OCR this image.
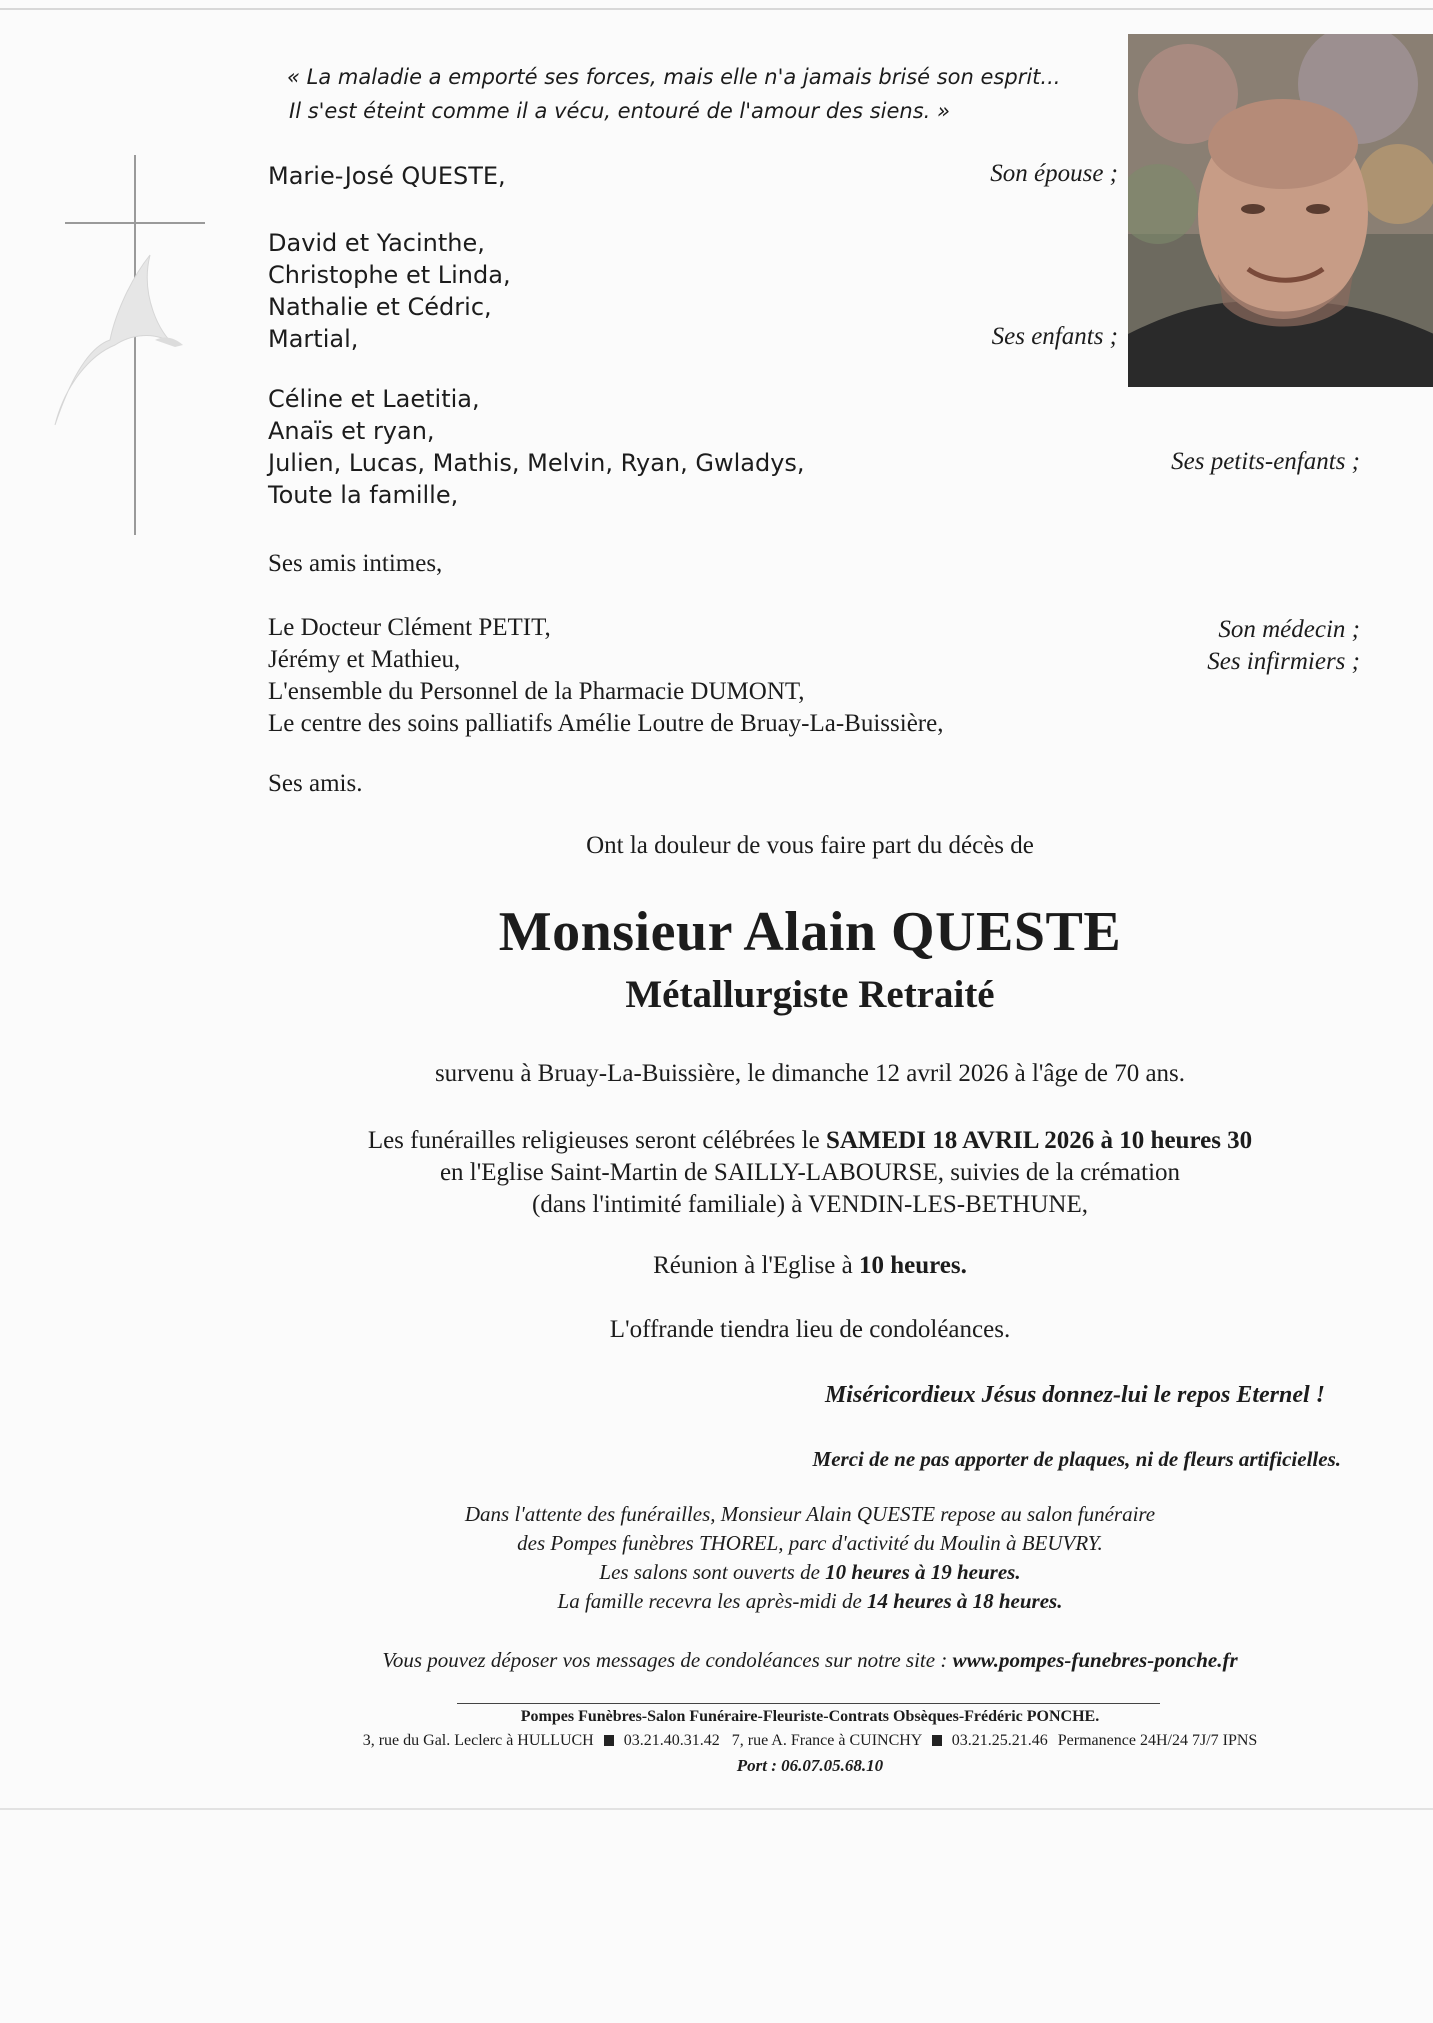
« La maladie a emporté ses forces, mais elle n'a jamais brisé son esprit...
Il s'est éteint comme il a vécu, entouré de l'amour des siens. »
Marie-José QUESTE,	Son épouse ;
David et Yacinthe,
Christophe et Linda,
Nathalie et Cédric,
Martial,	Ses enfants ;
Céline et Laetitia,
Anaïs et ryan,
Julien, Lucas, Mathis, Melvin, Ryan, Gwladys,
Toute la famille,
Ses petits-enfants ;
Ses amis intimes,
Le Docteur Clément PETIT,
Jérémy et Mathieu,
L'ensemble du Personnel de la Pharmacie DUMONT,
Le centre des soins palliatifs Amélie Loutre de Bruay-La-Buissière,
Son médecin ;
Ses infirmiers ;
Ses amis.
Ont la douleur de vous faire part du décès de
Monsieur Alain QUESTE
Métallurgiste Retraité
survenu à Bruay-La-Buissière, le dimanche 12 avril 2026 à l'âge de 70 ans.
Les funérailles religieuses seront célébrées le SAMEDI 18 AVRIL 2026 à 10 heures 30
en l'Eglise Saint-Martin de SAILLY-LABOURSE, suivies de la crémation
(dans l'intimité familiale) à VENDIN-LES-BETHUNE,
Réunion à l'Eglise à 10 heures.
L'offrande tiendra lieu de condoléances.
Miséricordieux Jésus donnez-lui le repos Eternel !
Merci de ne pas apporter de plaques, ni de fleurs artificielles.
Dans l'attente des funérailles, Monsieur Alain QUESTE repose au salon funéraire
des Pompes funèbres THOREL, parc d'activité du Moulin à BEUVRY.
Les salons sont ouverts de 10 heures à 19 heures.
La famille recevra les après-midi de 14 heures à 18 heures.
Vous pouvez déposer vos messages de condoléances sur notre site : www.pompes-funebres-ponche.fr
Pompes Funèbres-Salon Funéraire-Fleuriste-Contrats Obsèques-Frédéric PONCHE.
3, rue du Gal. Leclerc à HULLUCH 03.21.40.31.42 7, rue A. France à CUINCHY 03.21.25.21.46 Permanence 24H/24 7J/7 IPNS
Port : 06.07.05.68.10
